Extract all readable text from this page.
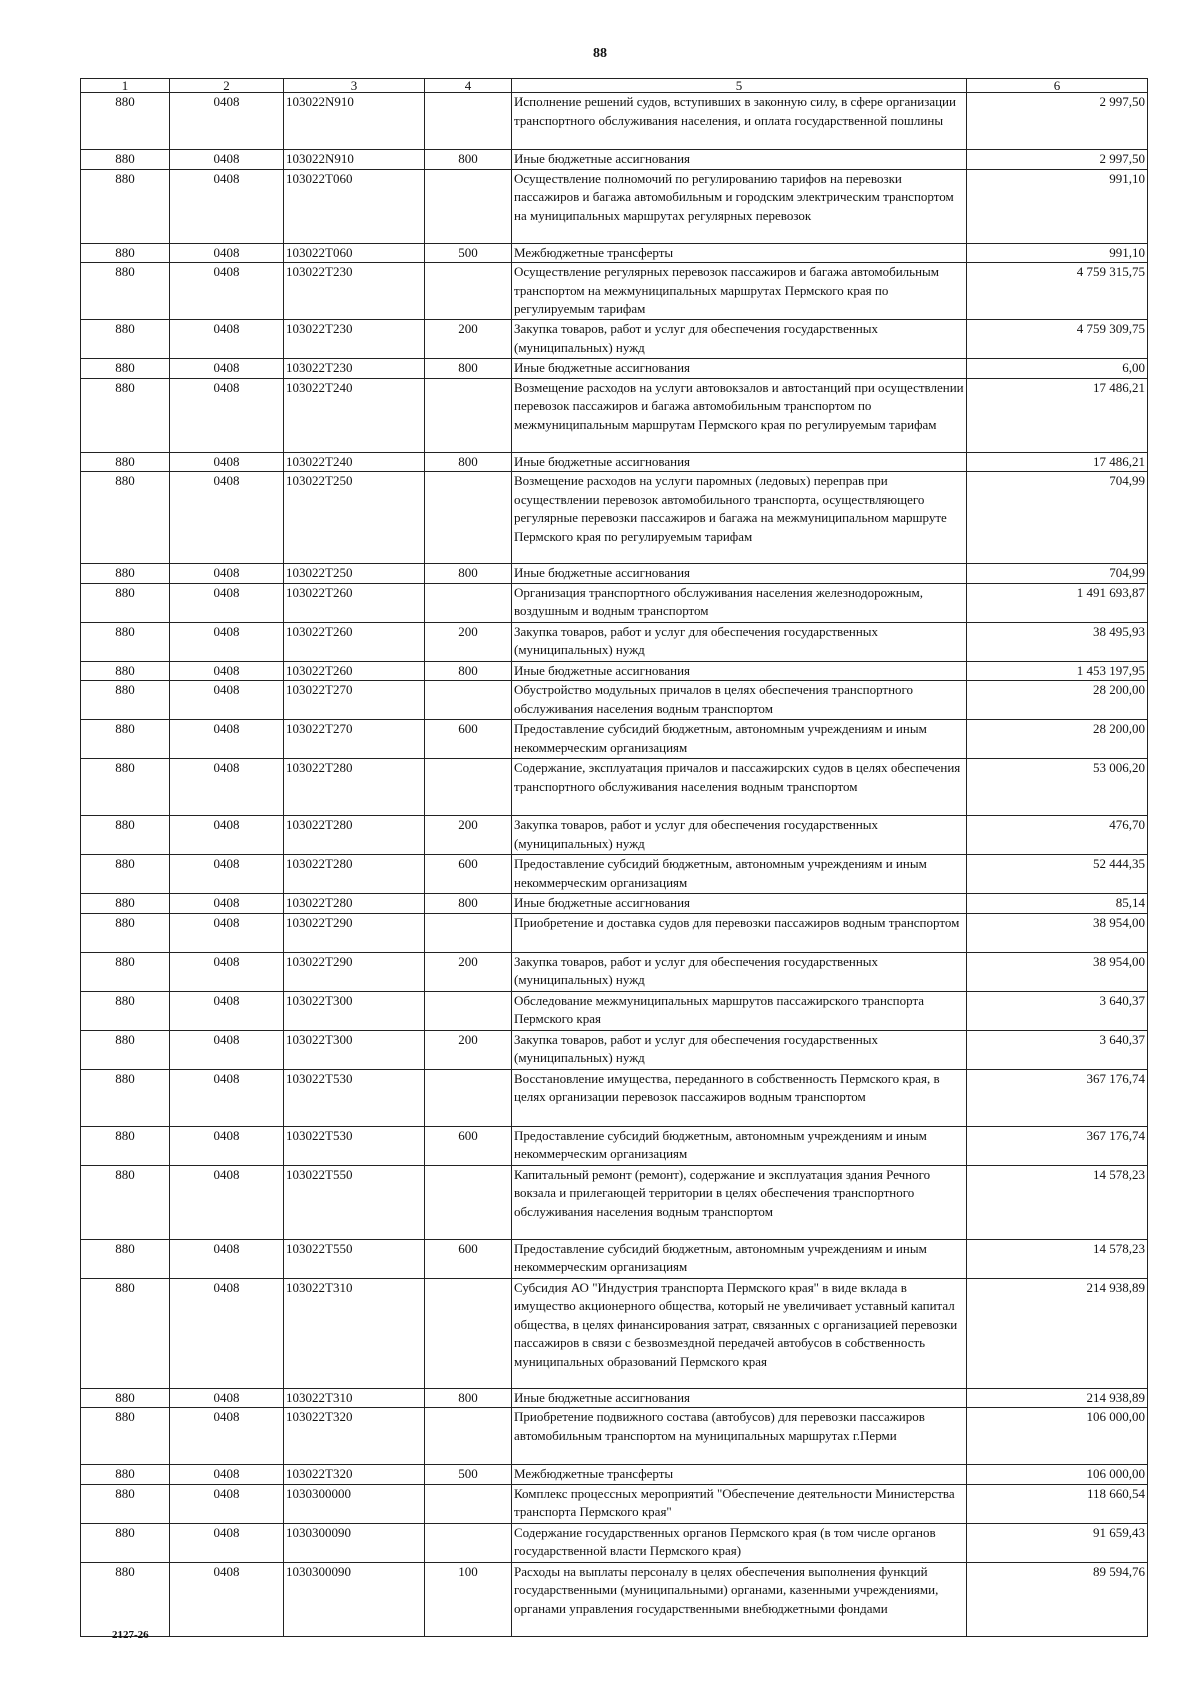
88
1	2	3	4	5	6
880	0408	103022N910		Исполнение решений судов, вступивших в законную силу, в сфере организации транспортного обслуживания населения, и оплата государственной пошлины	2 997,50
880	0408	103022N910	800	Иные бюджетные ассигнования	2 997,50
880	0408	103022T060		Осуществление полномочий по регулированию тарифов на перевозки пассажиров и багажа автомобильным и городским электрическим транспортом на муниципальных маршрутах регулярных перевозок	991,10
880	0408	103022T060	500	Межбюджетные трансферты	991,10
880	0408	103022T230		Осуществление регулярных перевозок пассажиров и багажа автомобильным транспортом на межмуниципальных маршрутах Пермского края по регулируемым тарифам	4 759 315,75
880	0408	103022T230	200	Закупка товаров, работ и услуг для обеспечения государственных (муниципальных) нужд	4 759 309,75
880	0408	103022T230	800	Иные бюджетные ассигнования	6,00
880	0408	103022T240		Возмещение расходов на услуги автовокзалов и автостанций при осуществлении перевозок пассажиров и багажа автомобильным транспортом по межмуниципальным маршрутам Пермского края по регулируемым тарифам	17 486,21
880	0408	103022T240	800	Иные бюджетные ассигнования	17 486,21
880	0408	103022T250		Возмещение расходов на услуги паромных (ледовых) переправ при осуществлении перевозок автомобильного транспорта, осуществляющего регулярные перевозки пассажиров и багажа на межмуниципальном маршруте Пермского края по регулируемым тарифам	704,99
880	0408	103022T250	800	Иные бюджетные ассигнования	704,99
880	0408	103022T260		Организация транспортного обслуживания населения железнодорожным, воздушным и водным транспортом	1 491 693,87
880	0408	103022T260	200	Закупка товаров, работ и услуг для обеспечения государственных (муниципальных) нужд	38 495,93
880	0408	103022T260	800	Иные бюджетные ассигнования	1 453 197,95
880	0408	103022T270		Обустройство модульных причалов в целях обеспечения транспортного обслуживания населения водным транспортом	28 200,00
880	0408	103022T270	600	Предоставление субсидий бюджетным, автономным учреждениям и иным некоммерческим организациям	28 200,00
880	0408	103022T280		Содержание, эксплуатация причалов и пассажирских судов в целях обеспечения транспортного обслуживания населения водным транспортом	53 006,20
880	0408	103022T280	200	Закупка товаров, работ и услуг для обеспечения государственных (муниципальных) нужд	476,70
880	0408	103022T280	600	Предоставление субсидий бюджетным, автономным учреждениям и иным некоммерческим организациям	52 444,35
880	0408	103022T280	800	Иные бюджетные ассигнования	85,14
880	0408	103022T290		Приобретение и доставка судов для перевозки пассажиров водным транспортом	38 954,00
880	0408	103022T290	200	Закупка товаров, работ и услуг для обеспечения государственных (муниципальных) нужд	38 954,00
880	0408	103022T300		Обследование межмуниципальных маршрутов пассажирского транспорта Пермского края	3 640,37
880	0408	103022T300	200	Закупка товаров, работ и услуг для обеспечения государственных (муниципальных) нужд	3 640,37
880	0408	103022T530		Восстановление имущества, переданного в собственность Пермского края, в целях организации перевозок пассажиров водным транспортом	367 176,74
880	0408	103022T530	600	Предоставление субсидий бюджетным, автономным учреждениям и иным некоммерческим организациям	367 176,74
880	0408	103022T550		Капитальный ремонт (ремонт), содержание и эксплуатация здания Речного вокзала и прилегающей территории в целях обеспечения транспортного обслуживания населения водным транспортом	14 578,23
880	0408	103022T550	600	Предоставление субсидий бюджетным, автономным учреждениям и иным некоммерческим организациям	14 578,23
880	0408	103022T310		Субсидия АО "Индустрия транспорта Пермского края" в виде вклада в имущество акционерного общества, который не увеличивает уставный капитал общества, в целях финансирования затрат, связанных с организацией перевозки пассажиров в связи с безвозмездной передачей автобусов в собственность муниципальных образований Пермского края	214 938,89
880	0408	103022T310	800	Иные бюджетные ассигнования	214 938,89
880	0408	103022T320		Приобретение подвижного состава (автобусов) для перевозки пассажиров автомобильным транспортом на муниципальных маршрутах г.Перми	106 000,00
880	0408	103022T320	500	Межбюджетные трансферты	106 000,00
880	0408	1030300000		Комплекс процессных мероприятий "Обеспечение деятельности Министерства транспорта Пермского края"	118 660,54
880	0408	1030300090		Содержание государственных органов Пермского края (в том числе органов государственной власти Пермского края)	91 659,43
880	0408	1030300090	100	Расходы на выплаты персоналу в целях обеспечения выполнения функций государственными (муниципальными) органами, казенными учреждениями, органами управления государственными внебюджетными фондами	89 594,76
2127-26
